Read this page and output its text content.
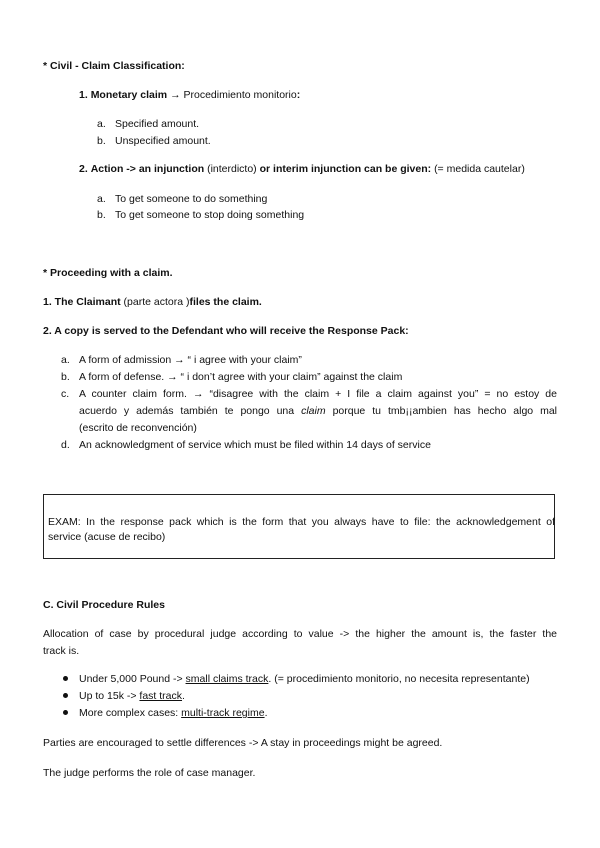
* Civil - Claim Classification:
1. Monetary claim → Procedimiento monitorio:
a. Specified amount.
b. Unspecified amount.
2. Action -> an injunction (interdicto) or interim injunction can be given: (= medida cautelar)
a. To get someone to do something
b. To get someone to stop doing something
* Proceeding with a claim.
1. The Claimant (parte actora )files the claim.
2. A copy is served to the Defendant who will receive the Response Pack:
a. A form of admission → “ i agree with your claim”
b. A form of defense. → “ i don’t agree with your claim” against the claim
c. A counter claim form. → “disagree with the claim + I file a claim against you” = no estoy de
acuerdo y además también te pongo una claim porque tu tmb¡¡ambien has hecho algo mal
(escrito de reconvención)
d. An acknowledgment of service which must be filed within 14 days of service
EXAM: In the response pack which is the form that you always have to file: the acknowledgement of
service (acuse de recibo)
C. Civil Procedure Rules
Allocation of case by procedural judge according to value -> the higher the amount is, the faster the
track is.
Under 5,000 Pound -> small claims track. (= procedimiento monitorio, no necesita representante)
Up to 15k -> fast track.
More complex cases: multi-track regime.
Parties are encouraged to settle differences -> A stay in proceedings might be agreed.
The judge performs the role of case manager.
